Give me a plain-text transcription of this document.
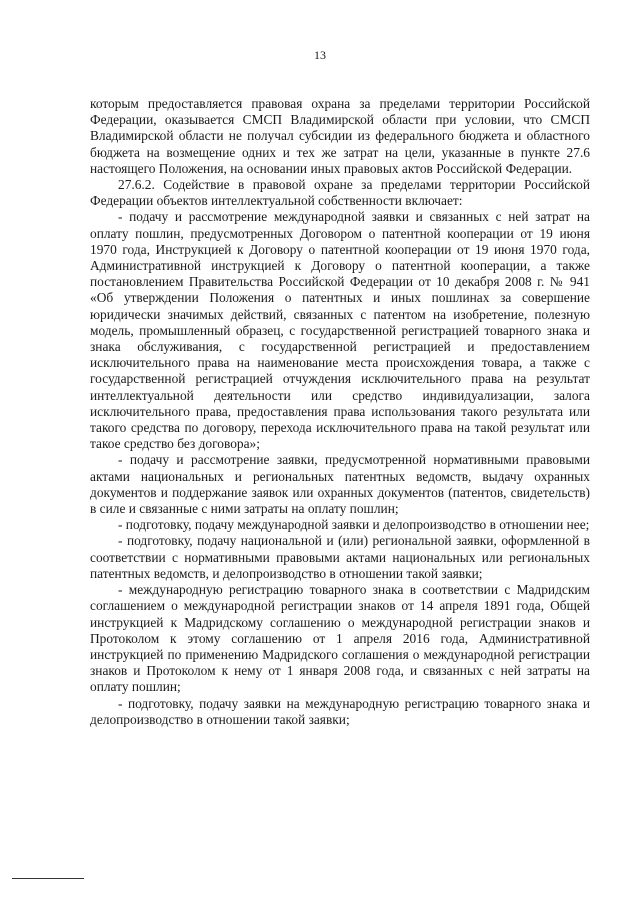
13

которым предоставляется правовая охрана за пределами территории Российской Федерации, оказывается СМСП Владимирской области при условии, что СМСП Владимирской области не получал субсидии из федерального бюджета и областного бюджета на возмещение одних и тех же затрат на цели, указанные в пункте 27.6 настоящего Положения, на основании иных правовых актов Российской Федерации.

27.6.2. Содействие в правовой охране за пределами территории Российской Федерации объектов интеллектуальной собственности включает:

- подачу и рассмотрение международной заявки и связанных с ней затрат на оплату пошлин, предусмотренных Договором о патентной кооперации от 19 июня 1970 года, Инструкцией к Договору о патентной кооперации от 19 июня 1970 года, Административной инструкцией к Договору о патентной кооперации, а также постановлением Правительства Российской Федерации от 10 декабря 2008 г. № 941 «Об утверждении Положения о патентных и иных пошлинах за совершение юридически значимых действий, связанных с патентом на изобретение, полезную модель, промышленный образец, с государственной регистрацией товарного знака и знака обслуживания, с государственной регистрацией и предоставлением исключительного права на наименование места происхождения товара, а также с государственной регистрацией отчуждения исключительного права на результат интеллектуальной деятельности или средство индивидуализации, залога исключительного права, предоставления права использования такого результата или такого средства по договору, перехода исключительного права на такой результат или такое средство без договора»;

- подачу и рассмотрение заявки, предусмотренной нормативными правовыми актами национальных и региональных патентных ведомств, выдачу охранных документов и поддержание заявок или охранных документов (патентов, свидетельств) в силе и связанные с ними затраты на оплату пошлин;

- подготовку, подачу международной заявки и делопроизводство в отношении нее;

- подготовку, подачу национальной и (или) региональной заявки, оформленной в соответствии с нормативными правовыми актами национальных или региональных патентных ведомств, и делопроизводство в отношении такой заявки;

- международную регистрацию товарного знака в соответствии с Мадридским соглашением о международной регистрации знаков от 14 апреля 1891 года, Общей инструкцией к Мадридскому соглашению о международной регистрации знаков и Протоколом к этому соглашению от 1 апреля 2016 года, Административной инструкцией по применению Мадридского соглашения о международной регистрации знаков и Протоколом к нему от 1 января 2008 года, и связанных с ней затраты на оплату пошлин;

- подготовку, подачу заявки на международную регистрацию товарного знака и делопроизводство в отношении такой заявки;
